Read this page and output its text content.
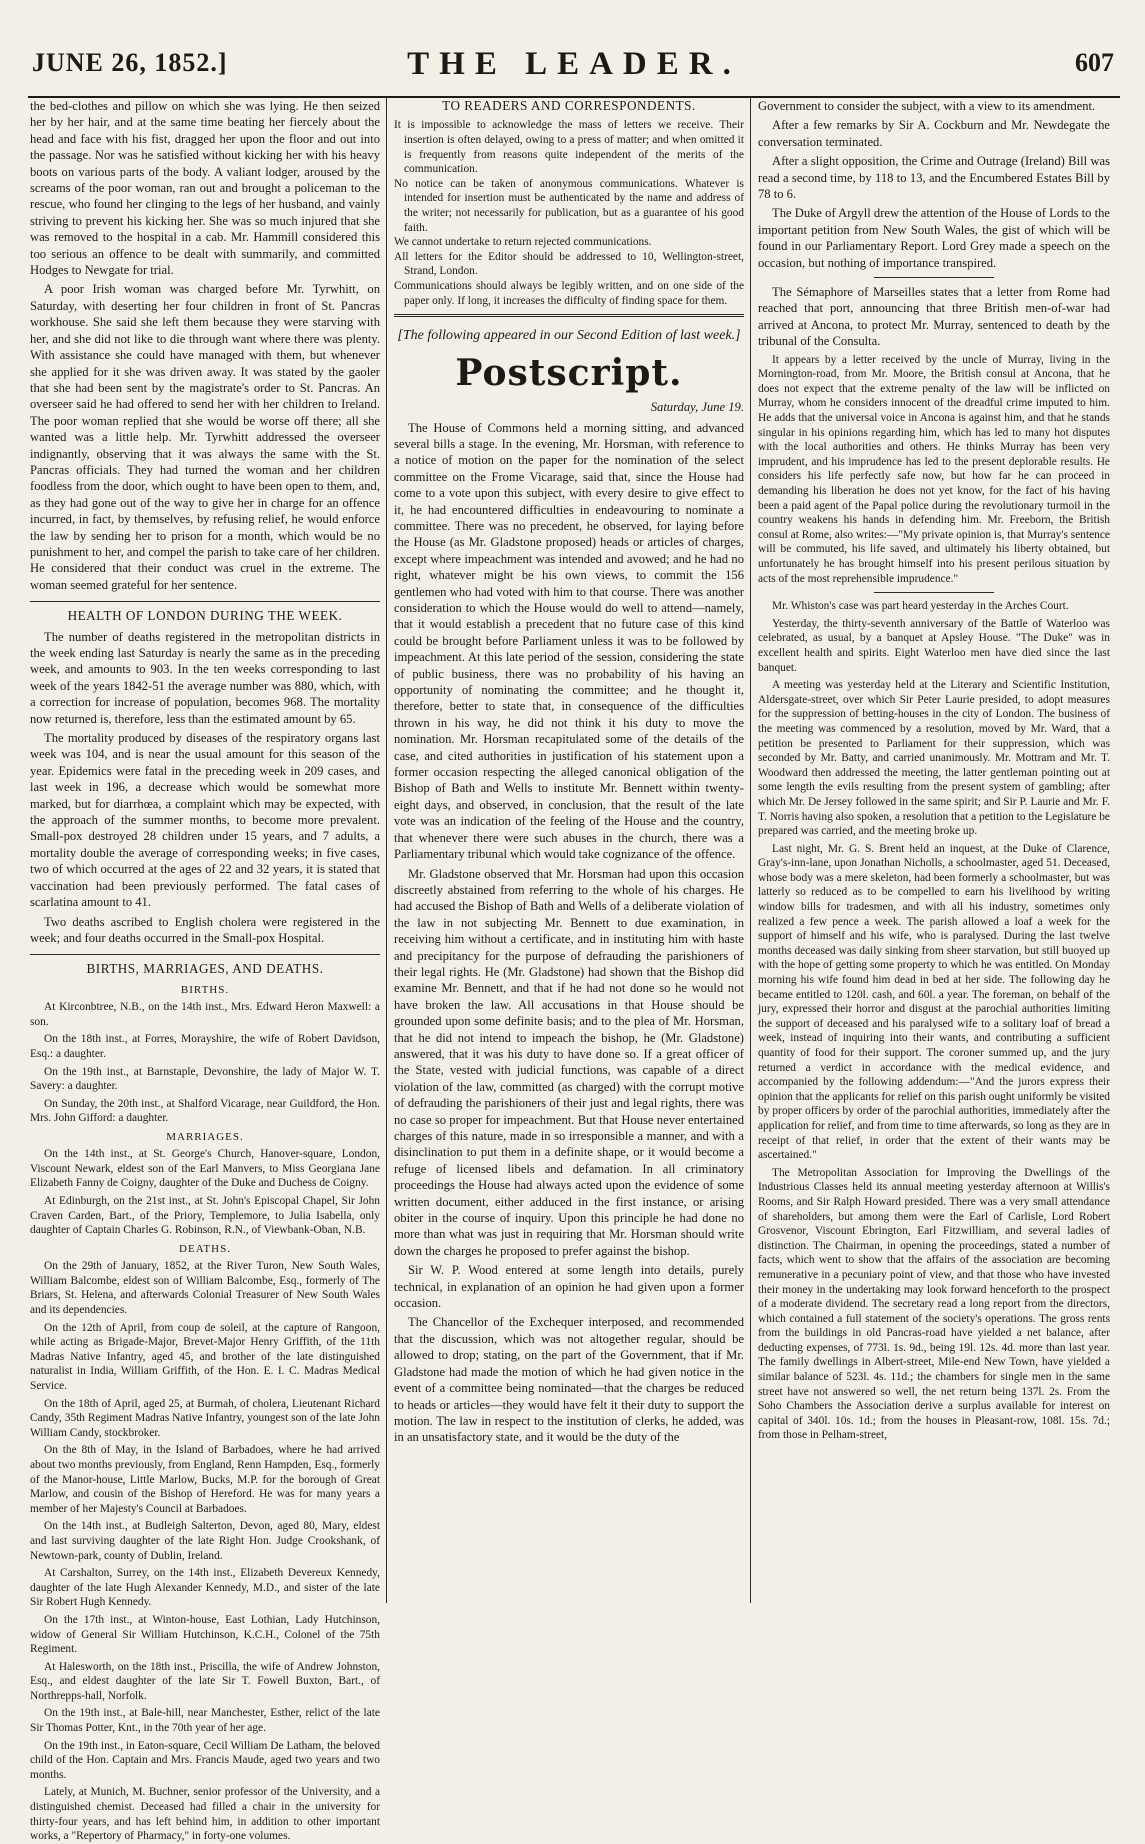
JUNE 26, 1852.]	THE LEADER.	607

the bed-clothes and pillow on which she was lying. He then seized her by her hair, and at the same time beating her fiercely about the head and face with his fist, dragged her upon the floor and out into the passage. Nor was he satisfied without kicking her with his heavy boots on various parts of the body. A valiant lodger, aroused by the screams of the poor woman, ran out and brought a policeman to the rescue, who found her clinging to the legs of her husband, and vainly striving to prevent his kicking her. She was so much injured that she was removed to the hospital in a cab. Mr. Hammill considered this too serious an offence to be dealt with summarily, and committed Hodges to Newgate for trial.

A poor Irish woman was charged before Mr. Tyrwhitt, on Saturday, with deserting her four children in front of St. Pancras workhouse. She said she left them because they were starving with her, and she did not like to die through want where there was plenty. With assistance she could have managed with them, but whenever she applied for it she was driven away. It was stated by the gaoler that she had been sent by the magistrate's order to St. Pancras. An overseer said he had offered to send her with her children to Ireland. The poor woman replied that she would be worse off there; all she wanted was a little help. Mr. Tyrwhitt addressed the overseer indignantly, observing that it was always the same with the St. Pancras officials. They had turned the woman and her children foodless from the door, which ought to have been open to them, and, as they had gone out of the way to give her in charge for an offence incurred, in fact, by themselves, by refusing relief, he would enforce the law by sending her to prison for a month, which would be no punishment to her, and compel the parish to take care of her children. He considered that their conduct was cruel in the extreme. The woman seemed grateful for her sentence.

HEALTH OF LONDON DURING THE WEEK.

The number of deaths registered in the metropolitan districts in the week ending last Saturday is nearly the same as in the preceding week, and amounts to 903. In the ten weeks corresponding to last week of the years 1842-51 the average number was 880, which, with a correction for increase of population, becomes 968. The mortality now returned is, therefore, less than the estimated amount by 65.

The mortality produced by diseases of the respiratory organs last week was 104, and is near the usual amount for this season of the year. Epidemics were fatal in the preceding week in 209 cases, and last week in 196, a decrease which would be somewhat more marked, but for diarrhœa, a complaint which may be expected, with the approach of the summer months, to become more prevalent. Small-pox destroyed 28 children under 15 years, and 7 adults, a mortality double the average of corresponding weeks; in five cases, two of which occurred at the ages of 22 and 32 years, it is stated that vaccination had been previously performed. The fatal cases of scarlatina amount to 41.

Two deaths ascribed to English cholera were registered in the week; and four deaths occurred in the Small-pox Hospital.

BIRTHS, MARRIAGES, AND DEATHS.
BIRTHS.

At Kirconbtree, N.B., on the 14th inst., Mrs. Edward Heron Maxwell: a son.

On the 18th inst., at Forres, Morayshire, the wife of Robert Davidson, Esq.: a daughter.

On the 19th inst., at Barnstaple, Devonshire, the lady of Major W. T. Savery: a daughter.

On Sunday, the 20th inst., at Shalford Vicarage, near Guildford, the Hon. Mrs. John Gifford: a daughter.

MARRIAGES.

On the 14th inst., at St. George's Church, Hanover-square, London, Viscount Newark, eldest son of the Earl Manvers, to Miss Georgiana Jane Elizabeth Fanny de Coigny, daughter of the Duke and Duchess de Coigny.

At Edinburgh, on the 21st inst., at St. John's Episcopal Chapel, Sir John Craven Carden, Bart., of the Priory, Templemore, to Julia Isabella, only daughter of Captain Charles G. Robinson, R.N., of Viewbank-Oban, N.B.

DEATHS.

On the 29th of January, 1852, at the River Turon, New South Wales, William Balcombe, eldest son of William Balcombe, Esq., formerly of The Briars, St. Helena, and afterwards Colonial Treasurer of New South Wales and its dependencies.

On the 12th of April, from coup de soleil, at the capture of Rangoon, while acting as Brigade-Major, Brevet-Major Henry Griffith, of the 11th Madras Native Infantry, aged 45, and brother of the late distinguished naturalist in India, William Griffith, of the Hon. E. I. C. Madras Medical Service.

On the 18th of April, aged 25, at Burmah, of cholera, Lieutenant Richard Candy, 35th Regiment Madras Native Infantry, youngest son of the late John William Candy, stockbroker.

On the 8th of May, in the Island of Barbadoes, where he had arrived about two months previously, from England, Renn Hampden, Esq., formerly of the Manor-house, Little Marlow, Bucks, M.P. for the borough of Great Marlow, and cousin of the Bishop of Hereford. He was for many years a member of her Majesty's Council at Barbadoes.

On the 14th inst., at Budleigh Salterton, Devon, aged 80, Mary, eldest and last surviving daughter of the late Right Hon. Judge Crookshank, of Newtown-park, county of Dublin, Ireland.

At Carshalton, Surrey, on the 14th inst., Elizabeth Devereux Kennedy, daughter of the late Hugh Alexander Kennedy, M.D., and sister of the late Sir Robert Hugh Kennedy.

On the 17th inst., at Winton-house, East Lothian, Lady Hutchinson, widow of General Sir William Hutchinson, K.C.H., Colonel of the 75th Regiment.

At Halesworth, on the 18th inst., Priscilla, the wife of Andrew Johnston, Esq., and eldest daughter of the late Sir T. Fowell Buxton, Bart., of Northrepps-hall, Norfolk.

On the 19th inst., at Bale-hill, near Manchester, Esther, relict of the late Sir Thomas Potter, Knt., in the 70th year of her age.

On the 19th inst., in Eaton-square, Cecil William De Latham, the beloved child of the Hon. Captain and Mrs. Francis Maude, aged two years and two months.

Lately, at Munich, M. Buchner, senior professor of the University, and a distinguished chemist. Deceased had filled a chair in the university for thirty-four years, and has left behind him, in addition to other important works, a "Repertory of Pharmacy," in forty-one volumes.

TO READERS AND CORRESPONDENTS.

It is impossible to acknowledge the mass of letters we receive. Their insertion is often delayed, owing to a press of matter; and when omitted it is frequently from reasons quite independent of the merits of the communication.

No notice can be taken of anonymous communications. Whatever is intended for insertion must be authenticated by the name and address of the writer; not necessarily for publication, but as a guarantee of his good faith.

We cannot undertake to return rejected communications.

All letters for the Editor should be addressed to 10, Wellington-street, Strand, London.

Communications should always be legibly written, and on one side of the paper only. If long, it increases the difficulty of finding space for them.

[The following appeared in our Second Edition of last week.]
Postscript.
Saturday, June 19.

The House of Commons held a morning sitting, and advanced several bills a stage. In the evening, Mr. Horsman, with reference to a notice of motion on the paper for the nomination of the select committee on the Frome Vicarage, said that, since the House had come to a vote upon this subject, with every desire to give effect to it, he had encountered difficulties in endeavouring to nominate a committee. There was no precedent, he observed, for laying before the House (as Mr. Gladstone proposed) heads or articles of charges, except where impeachment was intended and avowed; and he had no right, whatever might be his own views, to commit the 156 gentlemen who had voted with him to that course. There was another consideration to which the House would do well to attend—namely, that it would establish a precedent that no future case of this kind could be brought before Parliament unless it was to be followed by impeachment. At this late period of the session, considering the state of public business, there was no probability of his having an opportunity of nominating the committee; and he thought it, therefore, better to state that, in consequence of the difficulties thrown in his way, he did not think it his duty to move the nomination. Mr. Horsman recapitulated some of the details of the case, and cited authorities in justification of his statement upon a former occasion respecting the alleged canonical obligation of the Bishop of Bath and Wells to institute Mr. Bennett within twenty-eight days, and observed, in conclusion, that the result of the late vote was an indication of the feeling of the House and the country, that whenever there were such abuses in the church, there was a Parliamentary tribunal which would take cognizance of the offence.

Mr. Gladstone observed that Mr. Horsman had upon this occasion discreetly abstained from referring to the whole of his charges. He had accused the Bishop of Bath and Wells of a deliberate violation of the law in not subjecting Mr. Bennett to due examination, in receiving him without a certificate, and in instituting him with haste and precipitancy for the purpose of defrauding the parishioners of their legal rights. He (Mr. Gladstone) had shown that the Bishop did examine Mr. Bennett, and that if he had not done so he would not have broken the law. All accusations in that House should be grounded upon some definite basis; and to the plea of Mr. Horsman, that he did not intend to impeach the bishop, he (Mr. Gladstone) answered, that it was his duty to have done so. If a great officer of the State, vested with judicial functions, was capable of a direct violation of the law, committed (as charged) with the corrupt motive of defrauding the parishioners of their just and legal rights, there was no case so proper for impeachment. But that House never entertained charges of this nature, made in so irresponsible a manner, and with a disinclination to put them in a definite shape, or it would become a refuge of licensed libels and defamation. In all criminatory proceedings the House had always acted upon the evidence of some written document, either adduced in the first instance, or arising obiter in the course of inquiry. Upon this principle he had done no more than what was just in requiring that Mr. Horsman should write down the charges he proposed to prefer against the bishop.

Sir W. P. Wood entered at some length into details, purely technical, in explanation of an opinion he had given upon a former occasion.

The Chancellor of the Exchequer interposed, and recommended that the discussion, which was not altogether regular, should be allowed to drop; stating, on the part of the Government, that if Mr. Gladstone had made the motion of which he had given notice in the event of a committee being nominated—that the charges be reduced to heads or articles—they would have felt it their duty to support the motion. The law in respect to the institution of clerks, he added, was in an unsatisfactory state, and it would be the duty of the

Government to consider the subject, with a view to its amendment.

After a few remarks by Sir A. Cockburn and Mr. Newdegate the conversation terminated.

After a slight opposition, the Crime and Outrage (Ireland) Bill was read a second time, by 118 to 13, and the Encumbered Estates Bill by 78 to 6.

The Duke of Argyll drew the attention of the House of Lords to the important petition from New South Wales, the gist of which will be found in our Parliamentary Report. Lord Grey made a speech on the occasion, but nothing of importance transpired.

The Sémaphore of Marseilles states that a letter from Rome had reached that port, announcing that three British men-of-war had arrived at Ancona, to protect Mr. Murray, sentenced to death by the tribunal of the Consulta.

It appears by a letter received by the uncle of Murray, living in the Mornington-road, from Mr. Moore, the British consul at Ancona, that he does not expect that the extreme penalty of the law will be inflicted on Murray, whom he considers innocent of the dreadful crime imputed to him. He adds that the universal voice in Ancona is against him, and that he stands singular in his opinions regarding him, which has led to many hot disputes with the local authorities and others. He thinks Murray has been very imprudent, and his imprudence has led to the present deplorable results. He considers his life perfectly safe now, but how far he can proceed in demanding his liberation he does not yet know, for the fact of his having been a paid agent of the Papal police during the revolutionary turmoil in the country weakens his hands in defending him. Mr. Freeborn, the British consul at Rome, also writes:—"My private opinion is, that Murray's sentence will be commuted, his life saved, and ultimately his liberty obtained, but unfortunately he has brought himself into his present perilous situation by acts of the most reprehensible imprudence."

Mr. Whiston's case was part heard yesterday in the Arches Court.

Yesterday, the thirty-seventh anniversary of the Battle of Waterloo was celebrated, as usual, by a banquet at Apsley House. "The Duke" was in excellent health and spirits. Eight Waterloo men have died since the last banquet.

A meeting was yesterday held at the Literary and Scientific Institution, Aldersgate-street, over which Sir Peter Laurie presided, to adopt measures for the suppression of betting-houses in the city of London. The business of the meeting was commenced by a resolution, moved by Mr. Ward, that a petition be presented to Parliament for their suppression, which was seconded by Mr. Batty, and carried unanimously. Mr. Mottram and Mr. T. Woodward then addressed the meeting, the latter gentleman pointing out at some length the evils resulting from the present system of gambling; after which Mr. De Jersey followed in the same spirit; and Sir P. Laurie and Mr. F. T. Norris having also spoken, a resolution that a petition to the Legislature be prepared was carried, and the meeting broke up.

Last night, Mr. G. S. Brent held an inquest, at the Duke of Clarence, Gray's-inn-lane, upon Jonathan Nicholls, a schoolmaster, aged 51. Deceased, whose body was a mere skeleton, had been formerly a schoolmaster, but was latterly so reduced as to be compelled to earn his livelihood by writing window bills for tradesmen, and with all his industry, sometimes only realized a few pence a week. The parish allowed a loaf a week for the support of himself and his wife, who is paralysed. During the last twelve months deceased was daily sinking from sheer starvation, but still buoyed up with the hope of getting some property to which he was entitled. On Monday morning his wife found him dead in bed at her side. The following day he became entitled to 120l. cash, and 60l. a year. The foreman, on behalf of the jury, expressed their horror and disgust at the parochial authorities limiting the support of deceased and his paralysed wife to a solitary loaf of bread a week, instead of inquiring into their wants, and contributing a sufficient quantity of food for their support. The coroner summed up, and the jury returned a verdict in accordance with the medical evidence, and accompanied by the following addendum:—"And the jurors express their opinion that the applicants for relief on this parish ought uniformly be visited by proper officers by order of the parochial authorities, immediately after the application for relief, and from time to time afterwards, so long as they are in receipt of that relief, in order that the extent of their wants may be ascertained."

The Metropolitan Association for Improving the Dwellings of the Industrious Classes held its annual meeting yesterday afternoon at Willis's Rooms, and Sir Ralph Howard presided. There was a very small attendance of shareholders, but among them were the Earl of Carlisle, Lord Robert Grosvenor, Viscount Ebrington, Earl Fitzwilliam, and several ladies of distinction. The Chairman, in opening the proceedings, stated a number of facts, which went to show that the affairs of the association are becoming remunerative in a pecuniary point of view, and that those who have invested their money in the undertaking may look forward henceforth to the prospect of a moderate dividend. The secretary read a long report from the directors, which contained a full statement of the society's operations. The gross rents from the buildings in old Pancras-road have yielded a net balance, after deducting expenses, of 773l. 1s. 9d., being 19l. 12s. 4d. more than last year. The family dwellings in Albert-street, Mile-end New Town, have yielded a similar balance of 523l. 4s. 11d.; the chambers for single men in the same street have not answered so well, the net return being 137l. 2s. From the Soho Chambers the Association derive a surplus available for interest on capital of 340l. 10s. 1d.; from the houses in Pleasant-row, 108l. 15s. 7d.; from those in Pelham-street,
